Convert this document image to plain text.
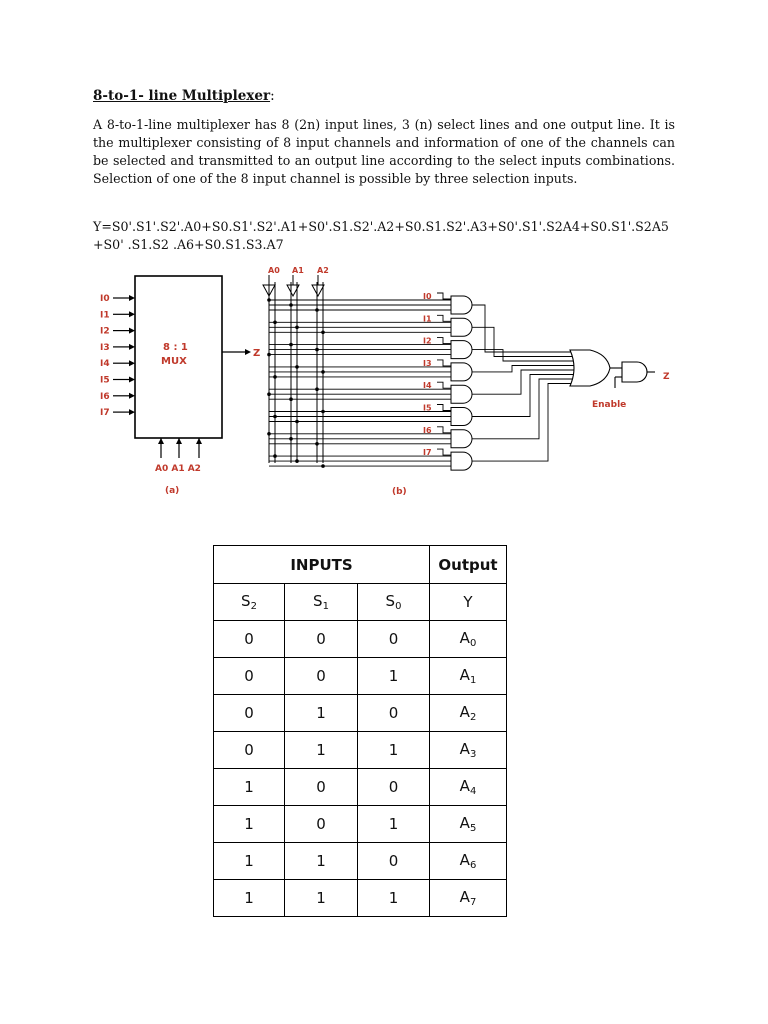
8-to-1- line Multiplexer:
A 8-to-1-line multiplexer has 8 (2n) input lines, 3 (n) select lines and one output line. It is the multiplexer consisting of 8 input channels and information of one of the channels can be selected and transmitted to an output line according to the select inputs combinations. Selection of one of the 8 input channel is possible by three selection inputs.
Y=S0'.S1'.S2'.A0+S0.S1'.S2'.A1+S0'.S1.S2'.A2+S0.S1.S2'.A3+S0'.S1'.S2A4+S0.S1'.S2A5+S0' .S1.S2 .A6+S0.S1.S3.A7
I0
I1
I2
I3
I4
I5
I6
I7
8 : 1
MUX
Z
A0 A1 A2
(a)
A0 A1 A2
I0
I1
I2
I3
I4
I5
I6
I7
Z
Enable
(b)
INPUTS			Output
$S_2$	$S_1$	$S_0$	Y
0	0	0	$A_0$
0	0	1	$A_1$
0	1	0	$A_2$
0	1	1	$A_3$
1	0	0	$A_4$
1	0	1	$A_5$
1	1	0	$A_6$
1	1	1	$A_7$
